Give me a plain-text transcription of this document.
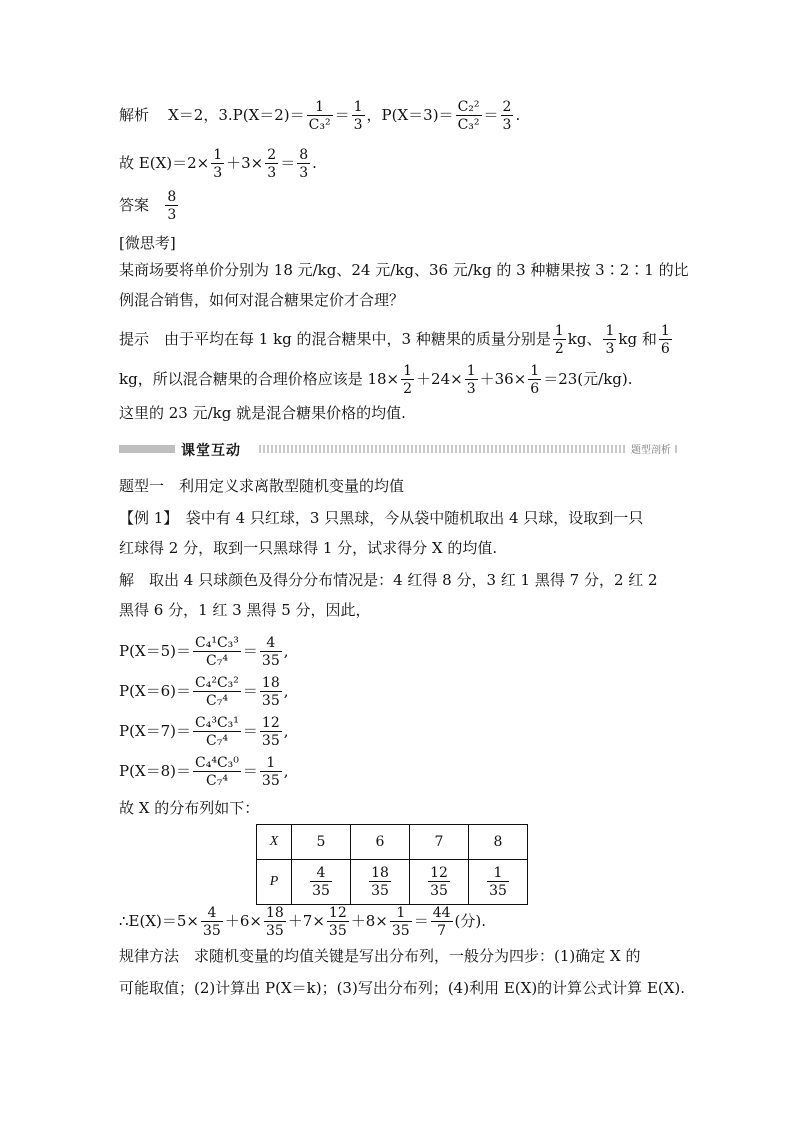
解析 X＝2，$3.P(X=2)= \frac{1}{\text{C₃²}} = \frac{1}{3}$ ，$P(X=3)= \frac{\text{C₂²}}{\text{C₃²}} = \frac{2}{3}$ .
故 $E(X)=2\times \frac{1}{3} +3\times \frac{2}{3} = \frac{8}{3}$ .
答案 $\frac{8}{3}$
[微思考]
某商场要将单价分别为 18 元/kg、24 元/kg、36 元/kg 的 3 种糖果按 3∶2∶1 的比
例混合销售，如何对混合糖果定价才合理？
提示　由于平均在每 1 kg 的混合糖果中，3 种糖果的质量分别是 $\frac{1}{2}$ kg、 $\frac{1}{3}$ kg 和 $\frac{1}{6}$
kg，所以混合糖果的合理价格应该是 $18\times \frac{1}{2} +24\times \frac{1}{3} +36\times \frac{1}{6} =23$(元/kg).
这里的 23 元/kg 就是混合糖果价格的均值.
课堂互动	题型剖析
题型一　利用定义求离散型随机变量的均值
【例 1】　袋中有 4 只红球，3 只黑球，今从袋中随机取出 4 只球，设取到一只
红球得 2 分，取到一只黑球得 1 分，试求得分 X 的均值.
解　取出 4 只球颜色及得分分布情况是：4 红得 8 分，3 红 1 黑得 7 分，2 红 2
黑得 6 分，1 红 3 黑得 5 分，因此，
$P(X=5)= \frac{\text{C₄¹C₃³}}{\text{C₇⁴}} = \frac{4}{35}$ ,
$P(X=6)= \frac{\text{C₄²C₃²}}{\text{C₇⁴}} = \frac{18}{35}$ ,
$P(X=7)= \frac{\text{C₄³C₃¹}}{\text{C₇⁴}} = \frac{12}{35}$ ,
$P(X=8)= \frac{\text{C₄⁴C₃⁰}}{\text{C₇⁴}} = \frac{1}{35}$ ,
故 X 的分布列如下：
X	5	6	7	8
P	$\frac{4}{35}$	$\frac{18}{35}$	$\frac{12}{35}$	$\frac{1}{35}$
∴E(X)＝5× $\frac{4}{35} +6\times \frac{18}{35} +7\times \frac{12}{35} +8\times \frac{1}{35} = \frac{44}{7}$ (分).
规律方法　求随机变量的均值关键是写出分布列，一般分为四步：(1)确定 X 的
可能取值；(2)计算出 P(X＝k)；(3)写出分布列；(4)利用 E(X)的计算公式计算 E(X).
